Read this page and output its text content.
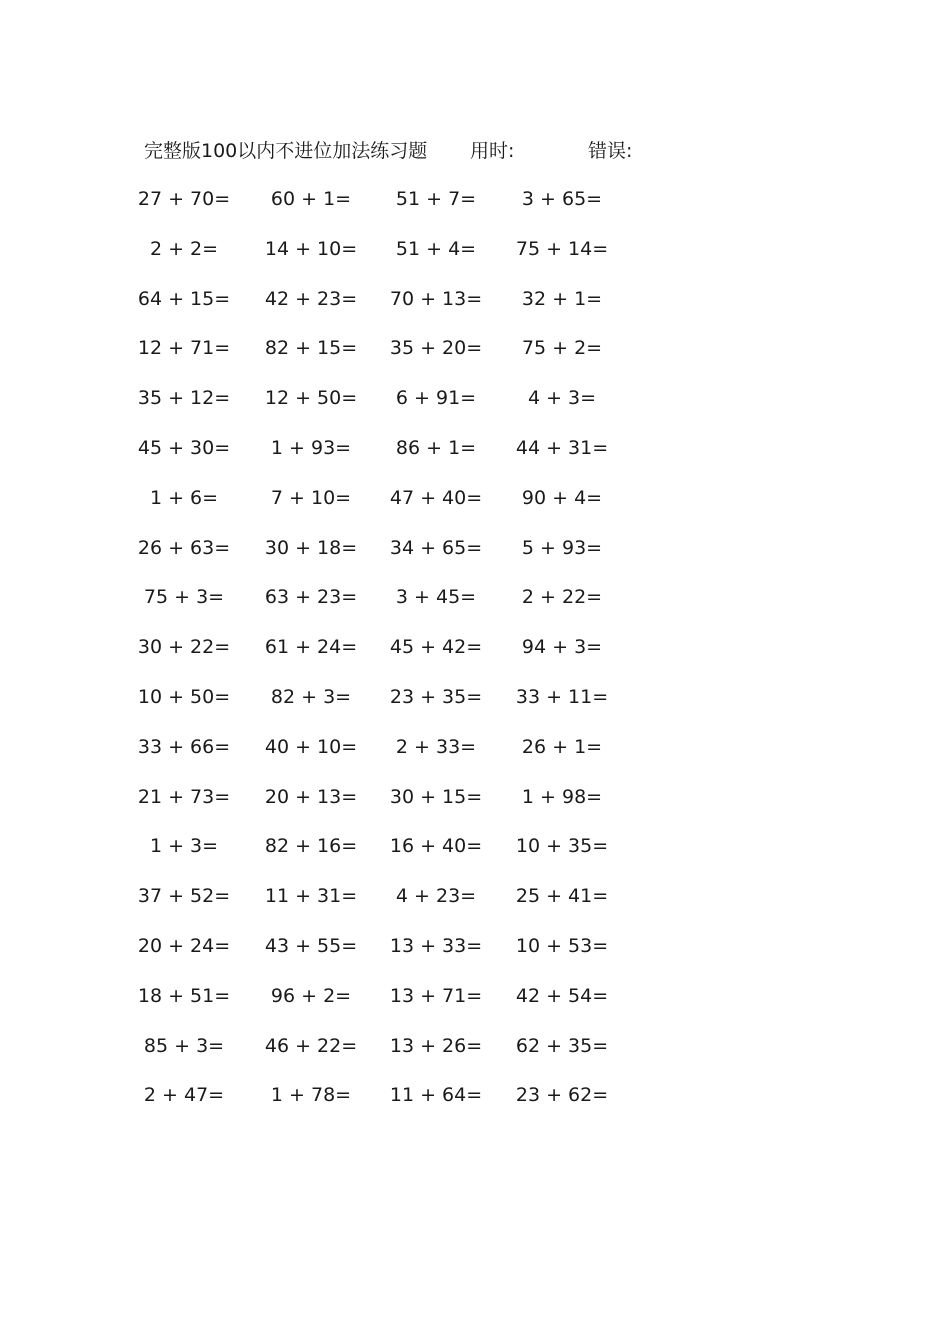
完整版100以内不进位加法练习题 用时:	错误:
27 + 70=	60 + 1=	51 + 7=	3 + 65=
2 + 2=	14 + 10=	51 + 4=	75 + 14=
64 + 15=	42 + 23=	70 + 13=	32 + 1=
12 + 71=	82 + 15=	35 + 20=	75 + 2=
35 + 12=	12 + 50=	6 + 91=	4 + 3=
45 + 30=	1 + 93=	86 + 1=	44 + 31=
1 + 6=	7 + 10=	47 + 40=	90 + 4=
26 + 63=	30 + 18=	34 + 65=	5 + 93=
75 + 3=	63 + 23=	3 + 45=	2 + 22=
30 + 22=	61 + 24=	45 + 42=	94 + 3=
10 + 50=	82 + 3=	23 + 35=	33 + 11=
33 + 66=	40 + 10=	2 + 33=	26 + 1=
21 + 73=	20 + 13=	30 + 15=	1 + 98=
1 + 3=	82 + 16=	16 + 40=	10 + 35=
37 + 52=	11 + 31=	4 + 23=	25 + 41=
20 + 24=	43 + 55=	13 + 33=	10 + 53=
18 + 51=	96 + 2=	13 + 71=	42 + 54=
85 + 3=	46 + 22=	13 + 26=	62 + 35=
2 + 47=	1 + 78=	11 + 64=	23 + 62=
